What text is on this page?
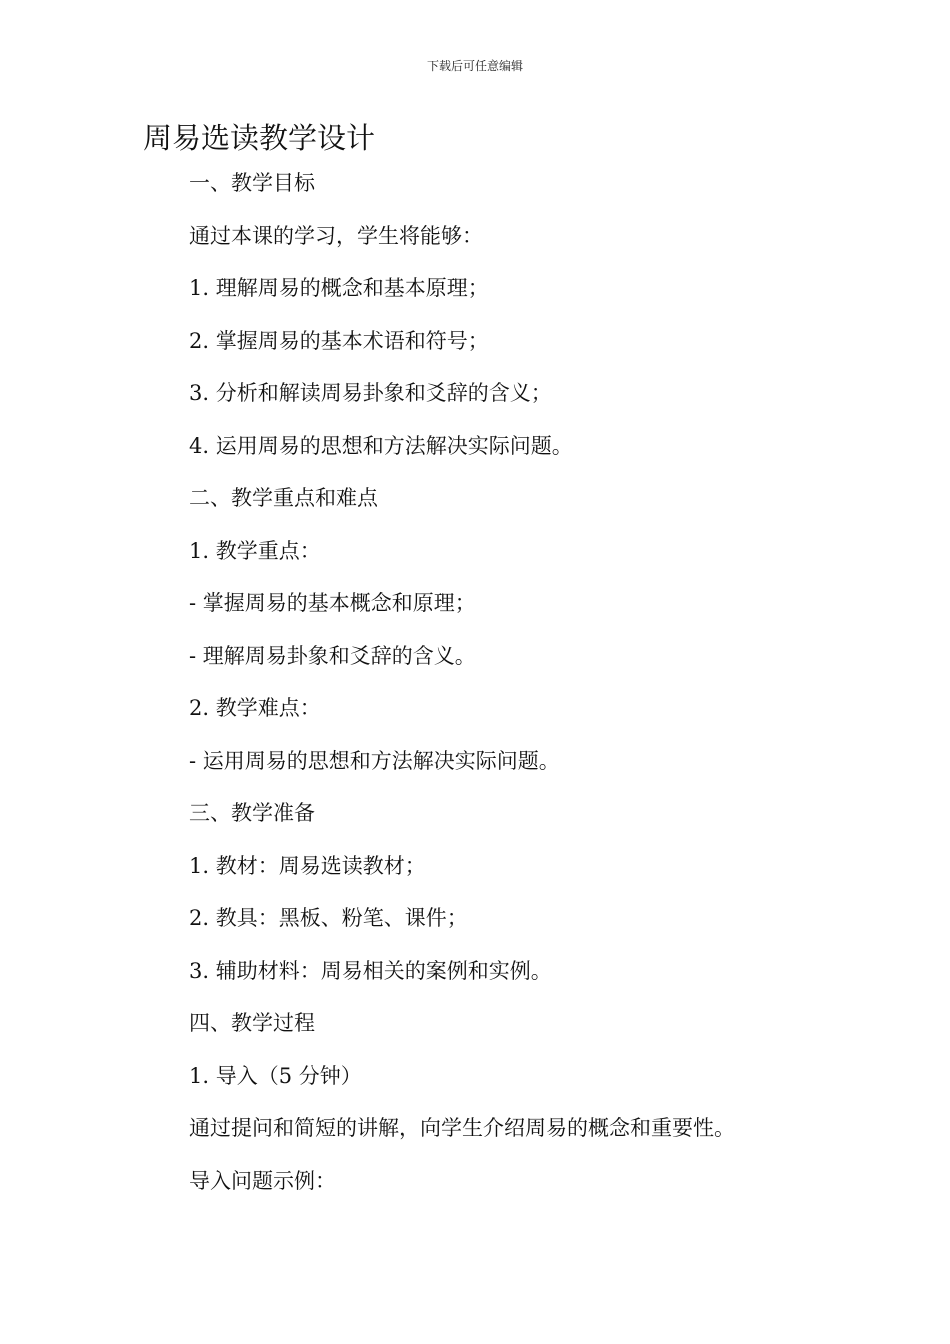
下载后可任意编辑
周易选读教学设计
一、教学目标
通过本课的学习，学生将能够：
1. 理解周易的概念和基本原理；
2. 掌握周易的基本术语和符号；
3. 分析和解读周易卦象和爻辞的含义；
4. 运用周易的思想和方法解决实际问题。
二、教学重点和难点
1. 教学重点：
- 掌握周易的基本概念和原理；
- 理解周易卦象和爻辞的含义。
2. 教学难点：
- 运用周易的思想和方法解决实际问题。
三、教学准备
1. 教材：周易选读教材；
2. 教具：黑板、粉笔、课件；
3. 辅助材料：周易相关的案例和实例。
四、教学过程
1. 导入（5 分钟）
通过提问和简短的讲解，向学生介绍周易的概念和重要性。
导入问题示例：
